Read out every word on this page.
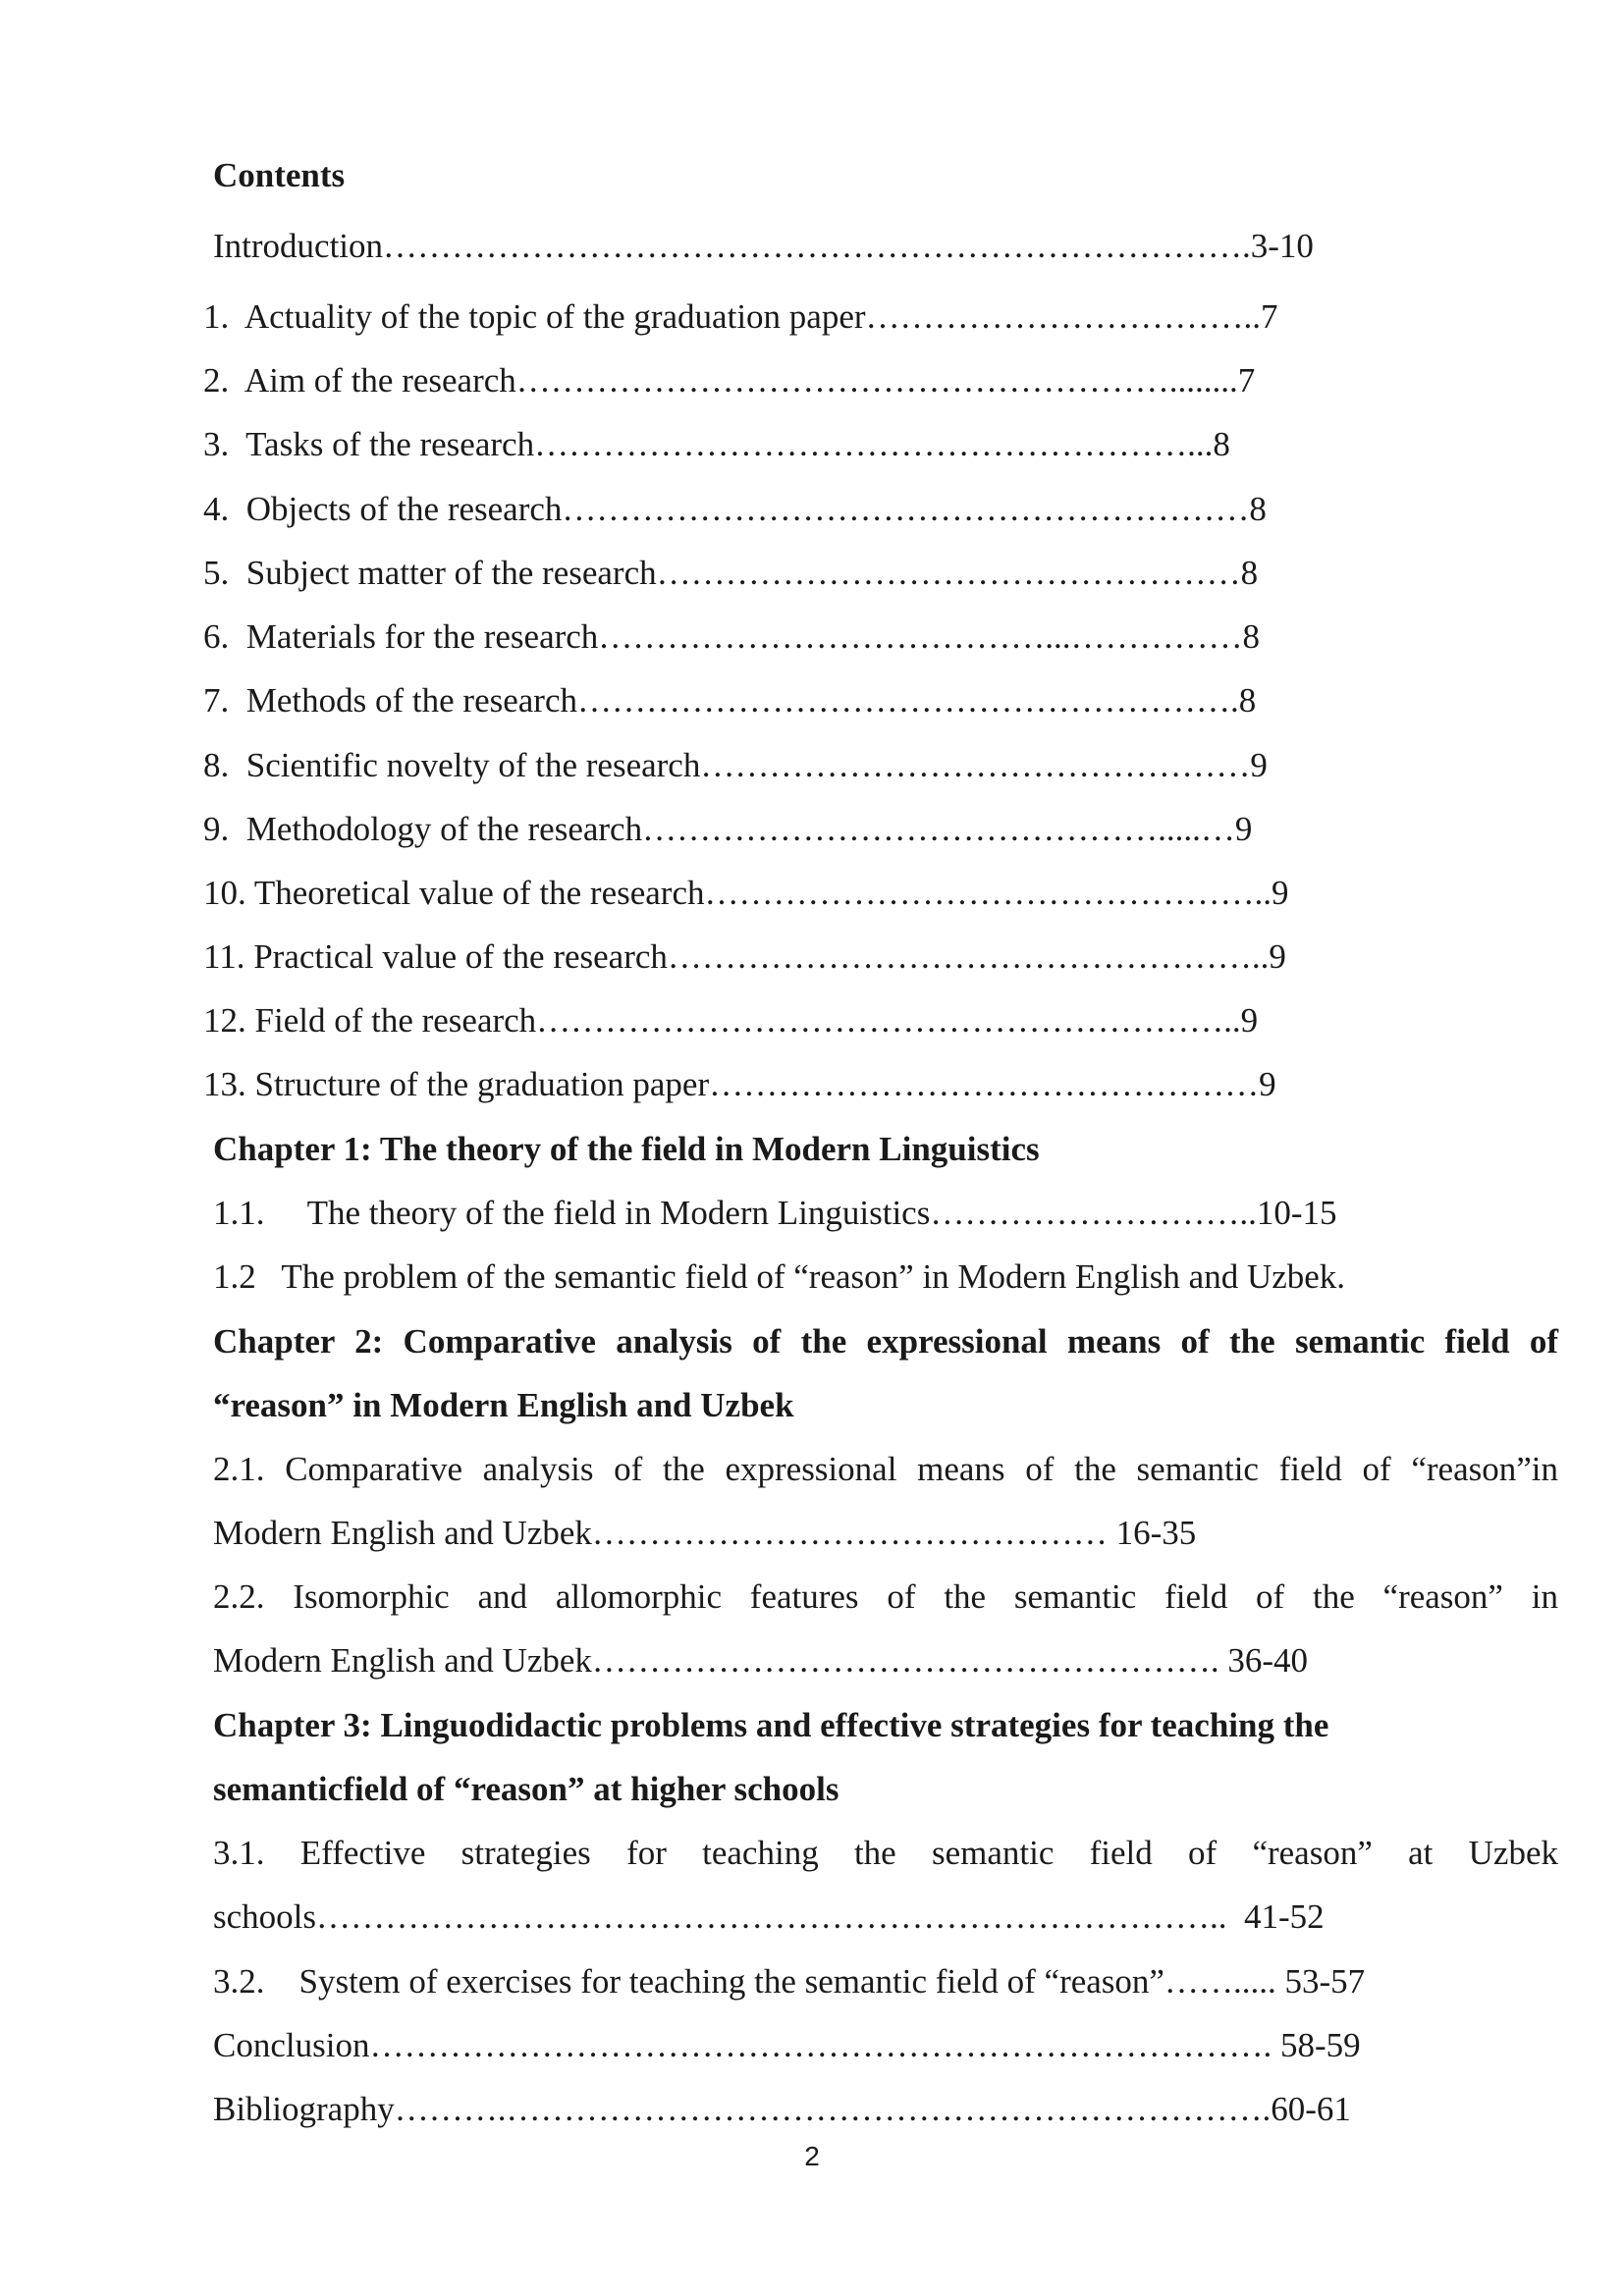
Contents
Introduction………………………………………………………………….3-10
1.  Actuality of the topic of the graduation paper……………………………..7
2.  Aim of the research…………………………………………………........7
3.  Tasks of the research…………………………………………………...8
4.  Objects of the research……………………………………………………8
5.  Subject matter of the research……………………………………………8
6.  Materials for the research…………………………………...……………8
7.  Methods of the research………………………………………………….8
8.  Scientific novelty of the research…………………………………………9
9.  Methodology of the research……………………………………….....…9
10. Theoretical value of the research…………………………………………..9
11. Practical value of the research……………………………………………..9
12. Field of the research……………………………………………………..9
13. Structure of the graduation paper…………………………………………9
Chapter 1: The theory of the field in Modern Linguistics
1.1.     The theory of the field in Modern Linguistics………………………..10-15
1.2   The problem of the semantic field of “reason” in Modern English and Uzbek.
Chapter 2: Comparative analysis of the expressional means of the semantic field of
“reason” in Modern English and Uzbek
2.1. Comparative analysis of the expressional means of the semantic field of “reason”in
Modern English and Uzbek……………………………………… 16-35
2.2. Isomorphic and allomorphic features of the semantic field of the “reason” in
Modern English and Uzbek………………………………………………. 36-40
Chapter 3: Linguodidactic problems and effective strategies for teaching the
semanticfield of “reason” at higher schools
3.1. Effective strategies for teaching the semantic field of “reason” at Uzbek
schools……………………………………………………………………..  41-52
3.2.    System of exercises for teaching the semantic field of “reason”……..... 53-57
Conclusion……………………………………………………………………. 58-59
Bibliography……….………………………………………………………….60-61
2
